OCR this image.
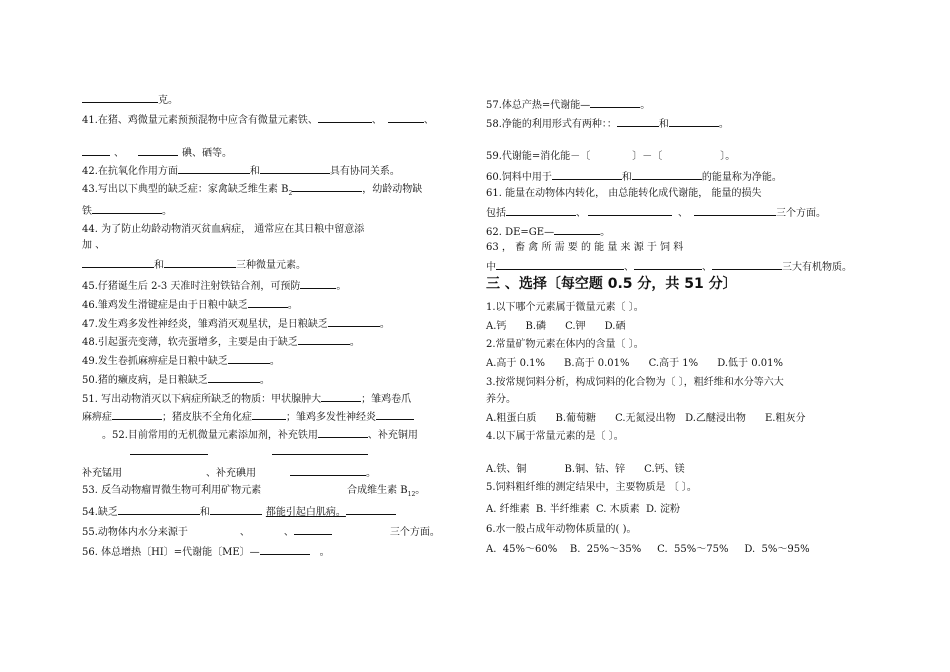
克。
41.在猪、鸡微量元素预预混物中应含有微量元素铁、	、	、
、	碘、硒等。
42.在抗氧化作用方面	和	具有协同关系。
43.写出以下典型的缺乏症：家禽缺乏维生素 $B_2$	，幼龄动物缺
铁	。
44. 为了防止幼龄动物消灭贫血病症， 通常应在其日粮中留意添
加 、
和	三种微量元素。
45.仔猪诞生后 2-3 天准时注射铁钴合剂，可预防	。
46.雏鸡发生滑键症是由于日粮中缺乏	。
47.发生鸡多发性神经炎，雏鸡消灭观星状，是日粮缺乏	。
48.引起蛋壳变薄，软壳蛋增多，主要是由于缺乏	。
49.发生卷抓麻痹症是日粮中缺乏	。
50.猪的癞皮病，是日粮缺乏	。
51. 写出动物消灭以下病症所缺乏的物质：甲状腺肿大	；雏鸡卷爪
麻痹症	；猪皮肤不全角化症	；雏鸡多发性神经炎
。52.目前常用的无机微量元素添加剂，补充铁用	、补充铜用
补充锰用	、补充碘用	。
53. 反刍动物瘤胃微生物可利用矿物元素	合成维生素 $B_{12}$。
54.缺乏	和	都能引起白肌病。
55.动物体内水分来源于	、	、	三个方面。
56. 体总增热〔HI〕=代谢能〔ME〕—	。
57.体总产热=代谢能—	。
58.净能的利用形式有两种：：	和	。
59.代谢能=消化能－〔	〕－〔	〕。
60.饲料中用于	和	的能量称为净能。
61. 能量在动物体内转化， 由总能转化成代谢能， 能量的损失
包括	、	、	三个方面。
62. DE=GE—	。
63 ， 畜 禽 所 需 要 的 能 量 来 源 于 饲 料
中	、	、	三大有机物质。
三 、选择〔每空题 0.5 分，共 51 分〕
1.以下哪个元素属于微量元素〔 〕。
A.钙      B.磷      C.钾      D.硒
2.常量矿物元素在体内的含量〔 〕。
A.高于 0.1%      B.高于 0.01%      C.高于 1%      D.低于 0.01%
3.按常规饲料分析，构成饲料的化合物为〔 〕，粗纤维和水分等六大
养分。
A.粗蛋白质      B.葡萄糖      C.无氮浸出物   D.乙醚浸出物      E.粗灰分
4.以下属于常量元素的是〔 〕。
A.铁、铜            B.铜、钴、锌      C.钙、镁
5.饲料粗纤维的测定结果中，主要物质是 〔 〕。
A. 纤维素  B. 半纤维素  C. 木质素  D. 淀粉
6.水一般占成年动物体质量的( )。
A.  45%～60%    B.  25%～35%     C.  55%～75%     D.  5%～95%
